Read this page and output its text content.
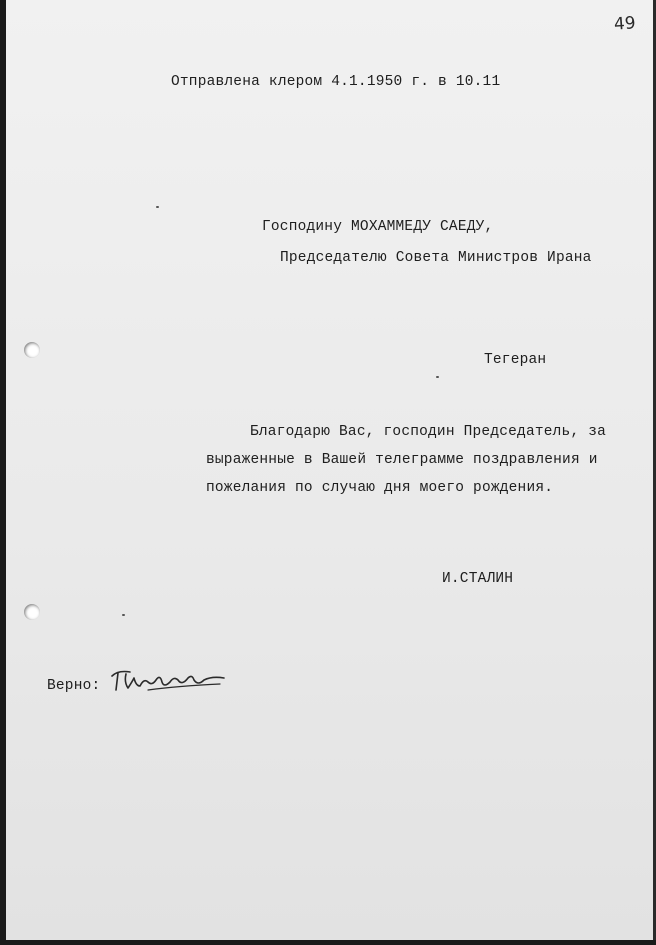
49
Отправлена клером 4.1.1950 г. в 10.11
Господину МОХАММЕДУ САЕДУ,
Председателю Совета Министров Ирана
Тегеран
Благодарю Вас, господин Председатель, за
выраженные в Вашей телеграмме поздравления и
пожелания по случаю дня моего рождения.
И.СТАЛИН
Верно:
